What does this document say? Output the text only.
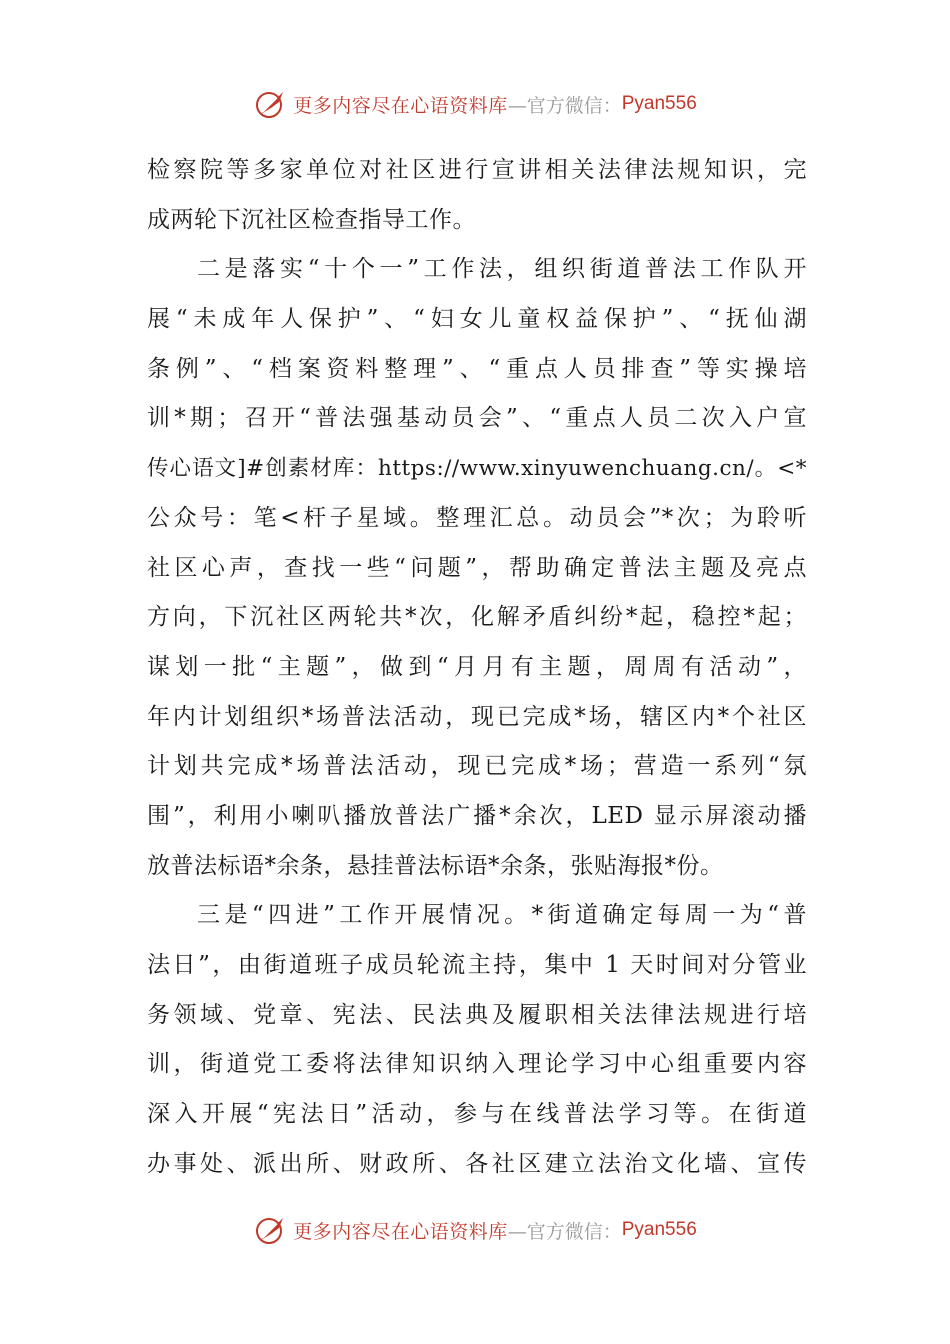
更多内容尽在心语资料库 —官方微信： Pyan556
检察院等多家单位对社区进行宣讲相关法律法规知识，完
成两轮下沉社区检查指导工作。
二是落实“十个一”工作法，组织街道普法工作队开
展“未成年人保护”、“妇女儿童权益保护”、“抚仙湖
条例”、“档案资料整理”、“重点人员排查”等实操培
训*期；召开“普法强基动员会”、“重点人员二次入户宣
传心语文]#创素材库：https://www.xinyuwenchuang.cn/。<*
公众号：笔<杆子星域。整理汇总。动员会”*次；为聆听
社区心声，查找一些“问题”，帮助确定普法主题及亮点
方向，下沉社区两轮共*次，化解矛盾纠纷*起，稳控*起；
谋划一批“主题”，做到“月月有主题，周周有活动”，
年内计划组织*场普法活动，现已完成*场，辖区内*个社区
计划共完成*场普法活动，现已完成*场；营造一系列“氛
围”，利用小喇叭播放普法广播*余次，LED 显示屏滚动播
放普法标语*余条，悬挂普法标语*余条，张贴海报*份。
三是“四进”工作开展情况。*街道确定每周一为“普
法日”，由街道班子成员轮流主持，集中 1 天时间对分管业
务领域、党章、宪法、民法典及履职相关法律法规进行培
训，街道党工委将法律知识纳入理论学习中心组重要内容
深入开展“宪法日”活动，参与在线普法学习等。在街道
办事处、派出所、财政所、各社区建立法治文化墙、宣传
更多内容尽在心语资料库 —官方微信： Pyan556
